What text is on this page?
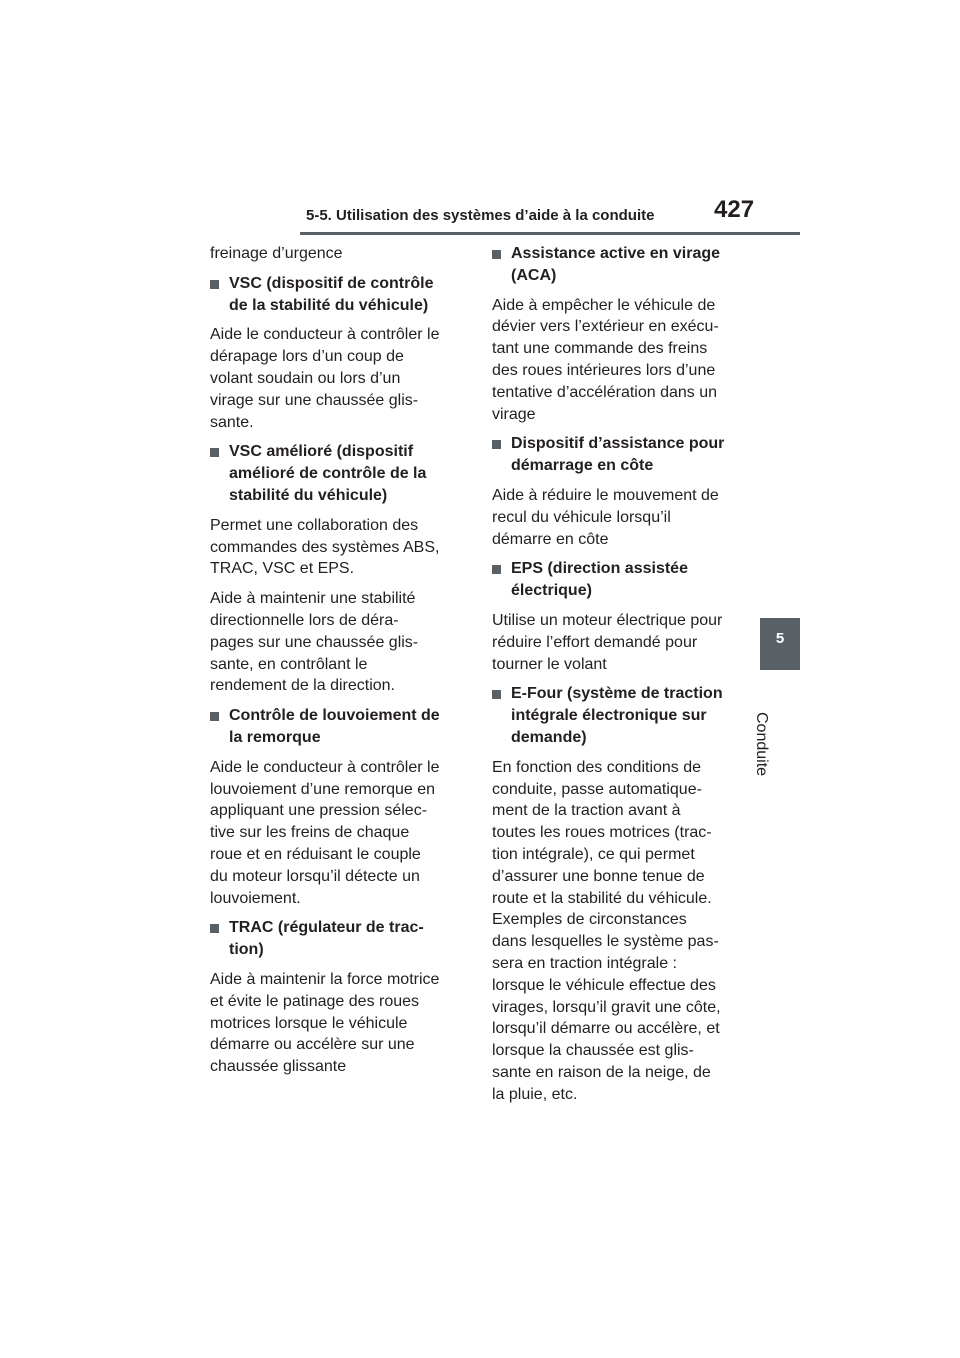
5-5. Utilisation des systèmes d’aide à la conduite	427
5
Conduite

freinage d’urgence

VSC (dispositif de contrôle
de la stabilité du véhicule)

Aide le conducteur à contrôler le
dérapage lors d’un coup de
volant soudain ou lors d’un
virage sur une chaussée glis-
sante.

VSC amélioré (dispositif
amélioré de contrôle de la
stabilité du véhicule)

Permet une collaboration des
commandes des systèmes ABS,
TRAC, VSC et EPS.

Aide à maintenir une stabilité
directionnelle lors de déra-
pages sur une chaussée glis-
sante, en contrôlant le
rendement de la direction.

Contrôle de louvoiement de
la remorque

Aide le conducteur à contrôler le
louvoiement d’une remorque en
appliquant une pression sélec-
tive sur les freins de chaque
roue et en réduisant le couple
du moteur lorsqu’il détecte un
louvoiement.

TRAC (régulateur de trac-
tion)

Aide à maintenir la force motrice
et évite le patinage des roues
motrices lorsque le véhicule
démarre ou accélère sur une
chaussée glissante

Assistance active en virage
(ACA)

Aide à empêcher le véhicule de
dévier vers l’extérieur en exécu-
tant une commande des freins
des roues intérieures lors d’une
tentative d’accélération dans un
virage

Dispositif d’assistance pour
démarrage en côte

Aide à réduire le mouvement de
recul du véhicule lorsqu’il
démarre en côte

EPS (direction assistée
électrique)

Utilise un moteur électrique pour
réduire l’effort demandé pour
tourner le volant

E-Four (système de traction
intégrale électronique sur
demande)

En fonction des conditions de
conduite, passe automatique-
ment de la traction avant à
toutes les roues motrices (trac-
tion intégrale), ce qui permet
d’assurer une bonne tenue de
route et la stabilité du véhicule.
Exemples de circonstances
dans lesquelles le système pas-
sera en traction intégrale :
lorsque le véhicule effectue des
virages, lorsqu’il gravit une côte,
lorsqu’il démarre ou accélère, et
lorsque la chaussée est glis-
sante en raison de la neige, de
la pluie, etc.
